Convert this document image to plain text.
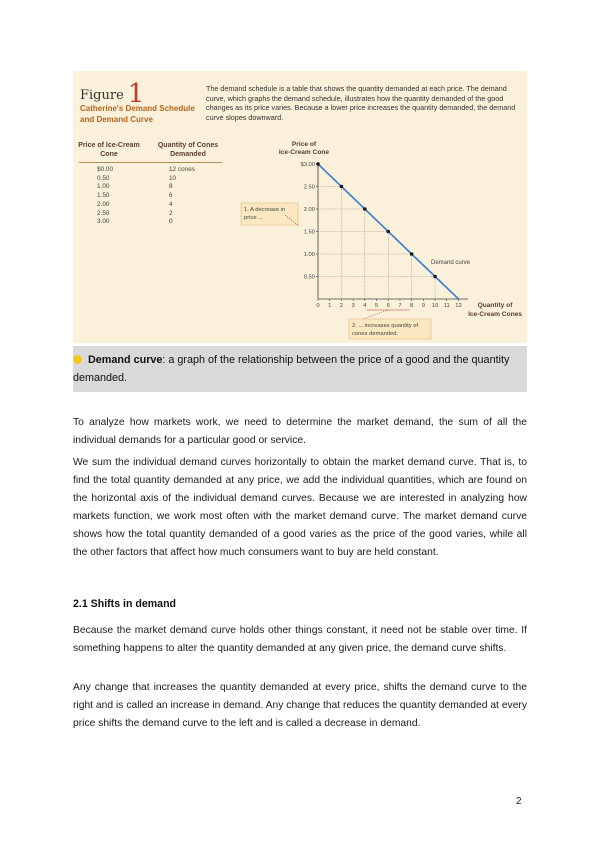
Figure 1
Catherine's Demand Schedule and Demand Curve
The demand schedule is a table that shows the quantity demanded at each price. The demand curve, which graphs the demand schedule, illustrates how the quantity demanded of the good changes as its price varies. Because a lower price increases the quantity demanded, the demand curve slopes downward.
Price of Ice-Cream Cone
Quantity of Cones Demanded
$0.00
0.50
1.00
1.50
2.00
2.50
3.00
12 cones
10
8
6
4
2
0
Price of
Ice-Cream Cone
Quantity of
Ice-Cream Cones
1. A decrease in
price ...
2. ... increases quantity of
cones demanded.
$3.00
2.50
2.00
1.50
1.00
0.50
0 1 2 3 4 5 6 7 8 9 10 11 12
Demand curve
Demand curve: a graph of the relationship between the price of a good and the quantity demanded.
To analyze how markets work, we need to determine the market demand, the sum of all the individual demands for a particular good or service.
We sum the individual demand curves horizontally to obtain the market demand curve. That is, to find the total quantity demanded at any price, we add the individual quantities, which are found on the horizontal axis of the individual demand curves. Because we are interested in analyzing how markets function, we work most often with the market demand curve. The market demand curve shows how the total quantity demanded of a good varies as the price of the good varies, while all the other factors that affect how much consumers want to buy are held constant.
2.1 Shifts in demand
Because the market demand curve holds other things constant, it need not be stable over time. If something happens to alter the quantity demanded at any given price, the demand curve shifts.
Any change that increases the quantity demanded at every price, shifts the demand curve to the right and is called an increase in demand. Any change that reduces the quantity demanded at every price shifts the demand curve to the left and is called a decrease in demand.
2
